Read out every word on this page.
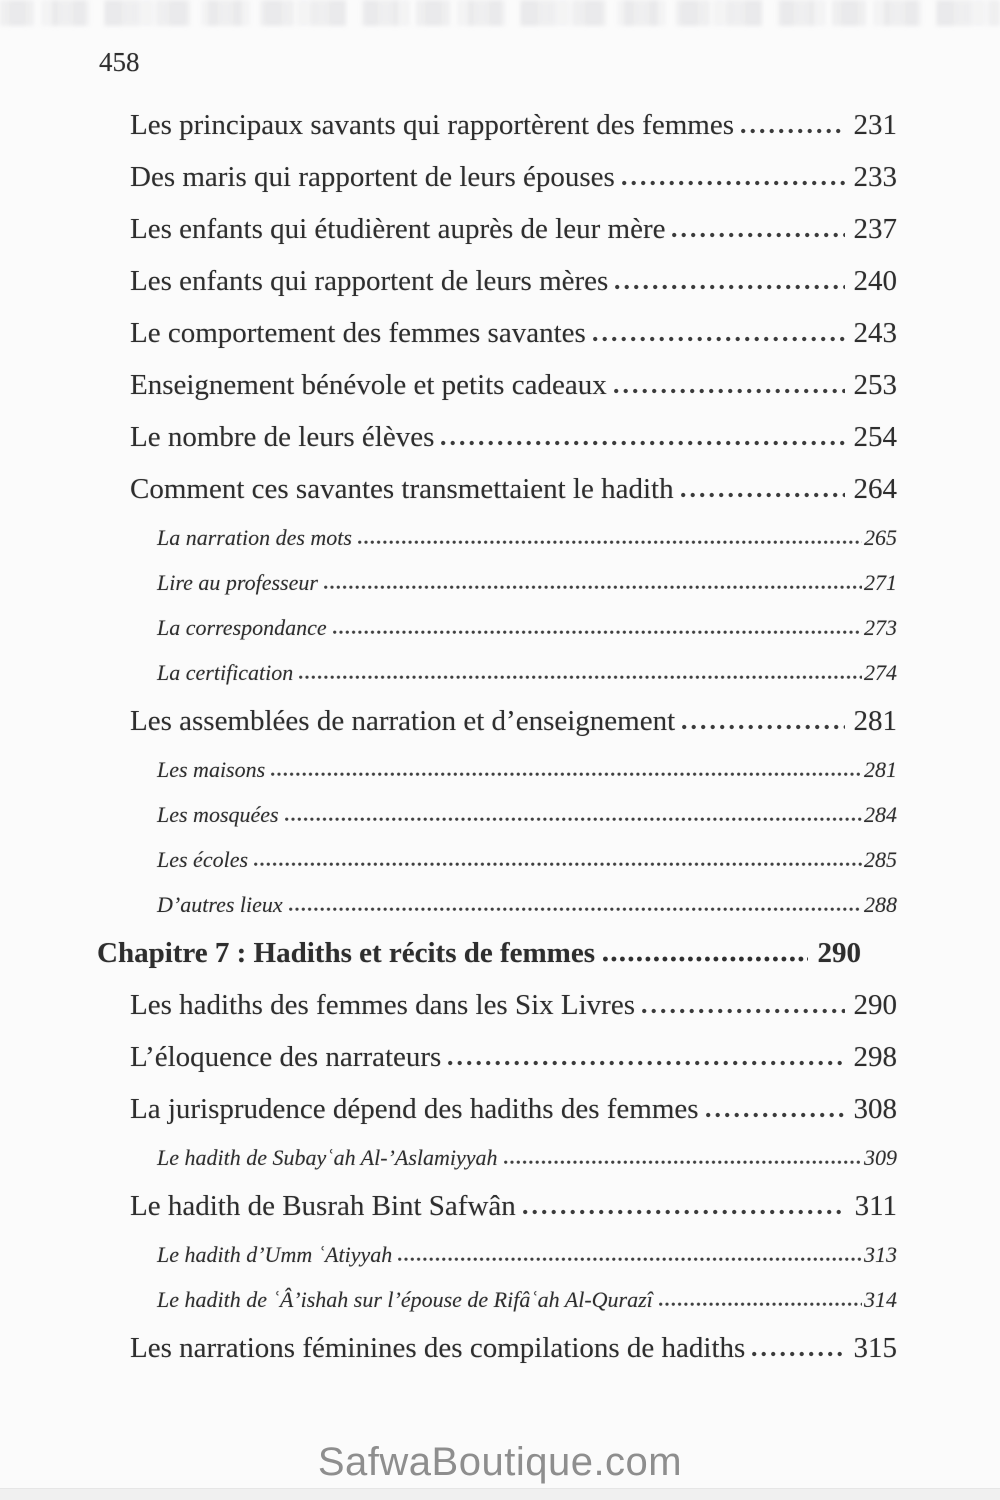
458
Les principaux savants qui rapportèrent des femmes	231
Des maris qui rapportent de leurs épouses	233
Les enfants qui étudièrent auprès de leur mère	237
Les enfants qui rapportent de leurs mères	240
Le comportement des femmes savantes	243
Enseignement bénévole et petits cadeaux	253
Le nombre de leurs élèves	254
Comment ces savantes transmettaient le hadith	264
La narration des mots	265
Lire au professeur	271
La correspondance	273
La certification	274
Les assemblées de narration et d’enseignement	281
Les maisons	281
Les mosquées	284
Les écoles	285
D’autres lieux	288
Chapitre 7 : Hadiths et récits de femmes	290
Les hadiths des femmes dans les Six Livres	290
L’éloquence des narrateurs	298
La jurisprudence dépend des hadiths des femmes	308
Le hadith de Subayʿah Al-’Aslamiyyah	309
Le hadith de Busrah Bint Safwân	311
Le hadith d’Umm ʿAtiyyah	313
Le hadith de ʿÂ’ishah sur l’épouse de Rifâʿah Al-Qurazî	314
Les narrations féminines des compilations de hadiths	315
SafwaBoutique.com
